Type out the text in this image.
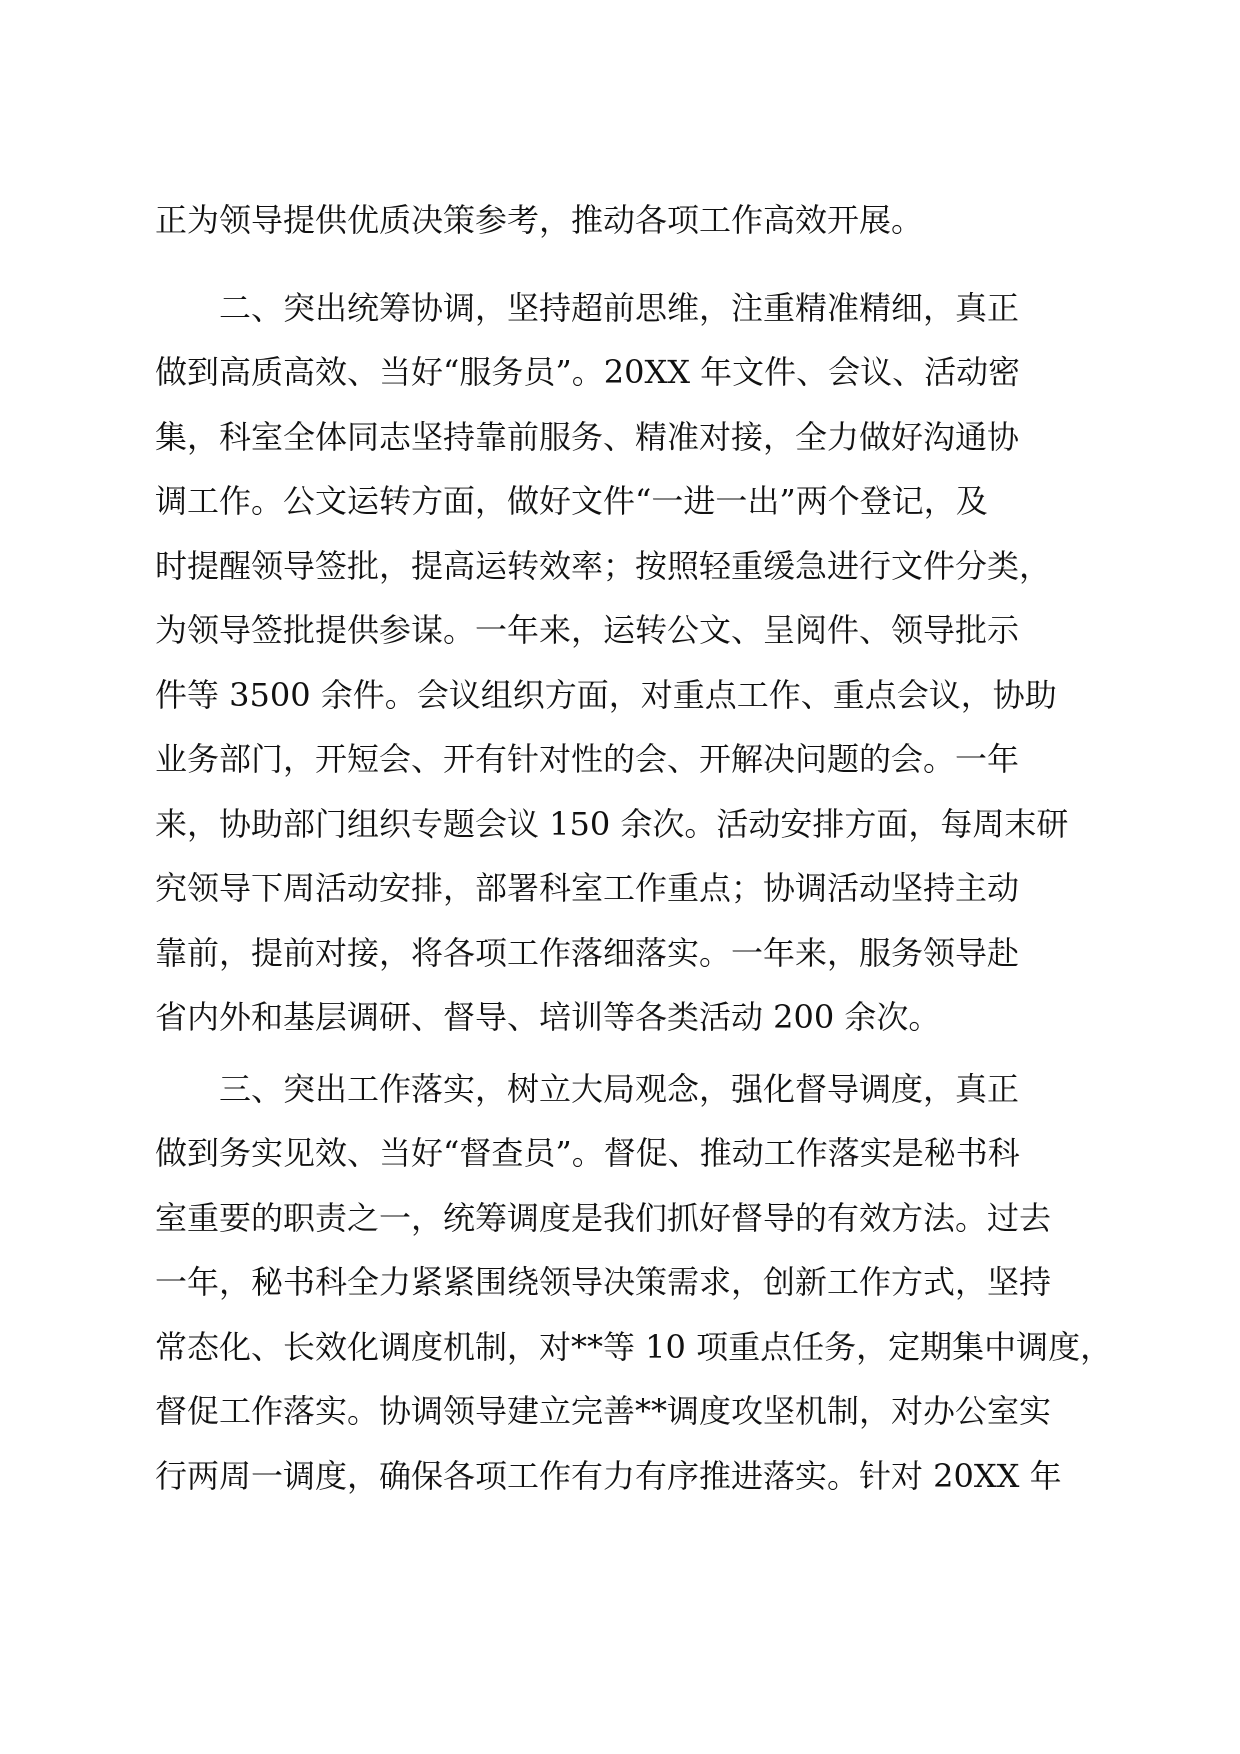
正为领导提供优质决策参考，推动各项工作高效开展。
二、突出统筹协调，坚持超前思维，注重精准精细，真正
做到高质高效、当好“服务员”。20XX 年文件、会议、活动密
集，科室全体同志坚持靠前服务、精准对接，全力做好沟通协
调工作。公文运转方面，做好文件“一进一出”两个登记，及
时提醒领导签批，提高运转效率；按照轻重缓急进行文件分类，
为领导签批提供参谋。一年来，运转公文、呈阅件、领导批示
件等 3500 余件。会议组织方面，对重点工作、重点会议，协助
业务部门，开短会、开有针对性的会、开解决问题的会。一年
来，协助部门组织专题会议 150 余次。活动安排方面，每周末研
究领导下周活动安排，部署科室工作重点；协调活动坚持主动
靠前，提前对接，将各项工作落细落实。一年来，服务领导赴
省内外和基层调研、督导、培训等各类活动 200 余次。
三、突出工作落实，树立大局观念，强化督导调度，真正
做到务实见效、当好“督查员”。督促、推动工作落实是秘书科
室重要的职责之一，统筹调度是我们抓好督导的有效方法。过去
一年，秘书科全力紧紧围绕领导决策需求，创新工作方式，坚持
常态化、长效化调度机制，对**等 10 项重点任务，定期集中调度，
督促工作落实。协调领导建立完善**调度攻坚机制，对办公室实
行两周一调度，确保各项工作有力有序推进落实。针对 20XX 年
